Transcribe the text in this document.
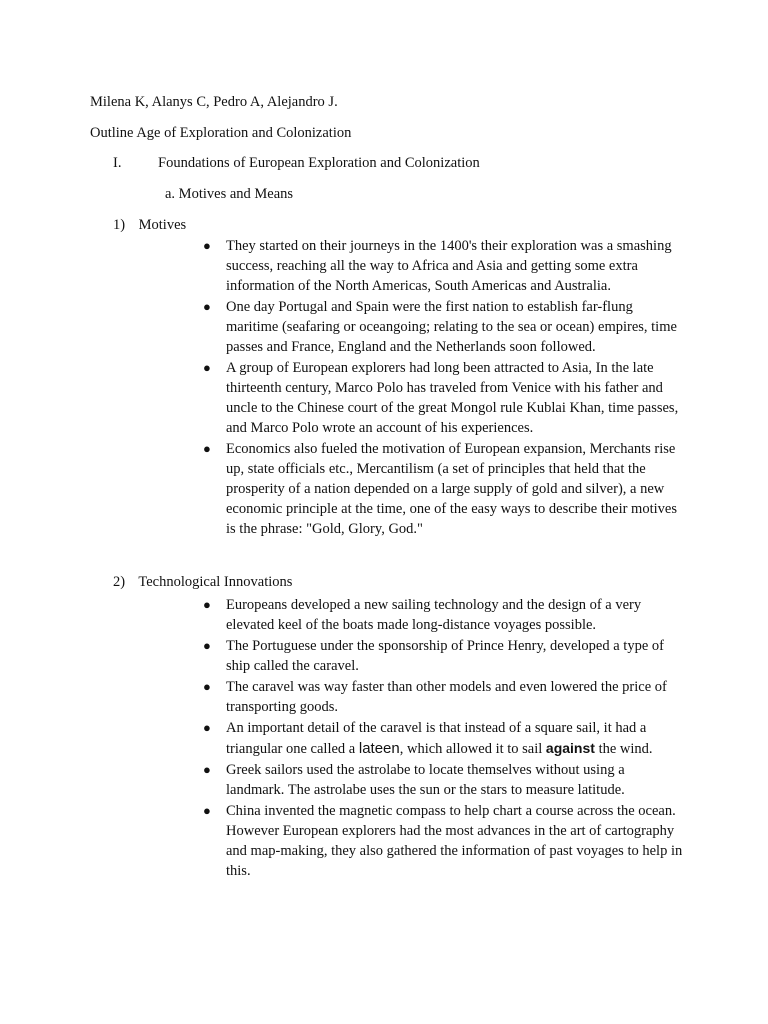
Milena K, Alanys C, Pedro A, Alejandro J.
Outline Age of Exploration and Colonization
I.	Foundations of European Exploration and Colonization
a. Motives and Means
1) Motives
● They started on their journeys in the 1400's their exploration was a smashing success, reaching all the way to Africa and Asia and getting some extra information of the North Americas, South Americas and Australia.
● One day Portugal and Spain were the first nation to establish far-flung maritime (seafaring or oceangoing; relating to the sea or ocean) empires, time passes and France, England and the Netherlands soon followed.
● A group of European explorers had long been attracted to Asia, In the late thirteenth century, Marco Polo has traveled from Venice with his father and uncle to the Chinese court of the great Mongol rule Kublai Khan, time passes, and Marco Polo wrote an account of his experiences.
● Economics also fueled the motivation of European expansion, Merchants rise up, state officials etc., Mercantilism (a set of principles that held that the prosperity of a nation depended on a large supply of gold and silver), a new economic principle at the time, one of the easy ways to describe their motives is the phrase: "Gold, Glory, God."
2) Technological Innovations
● Europeans developed a new sailing technology and the design of a very elevated keel of the boats made long-distance voyages possible.
● The Portuguese under the sponsorship of Prince Henry, developed a type of ship called the caravel.
● The caravel was way faster than other models and even lowered the price of transporting goods.
● An important detail of the caravel is that instead of a square sail, it had a triangular one called a lateen, which allowed it to sail against the wind.
● Greek sailors used the astrolabe to locate themselves without using a landmark. The astrolabe uses the sun or the stars to measure latitude.
● China invented the magnetic compass to help chart a course across the ocean. However European explorers had the most advances in the art of cartography and map-making, they also gathered the information of past voyages to help in this.
